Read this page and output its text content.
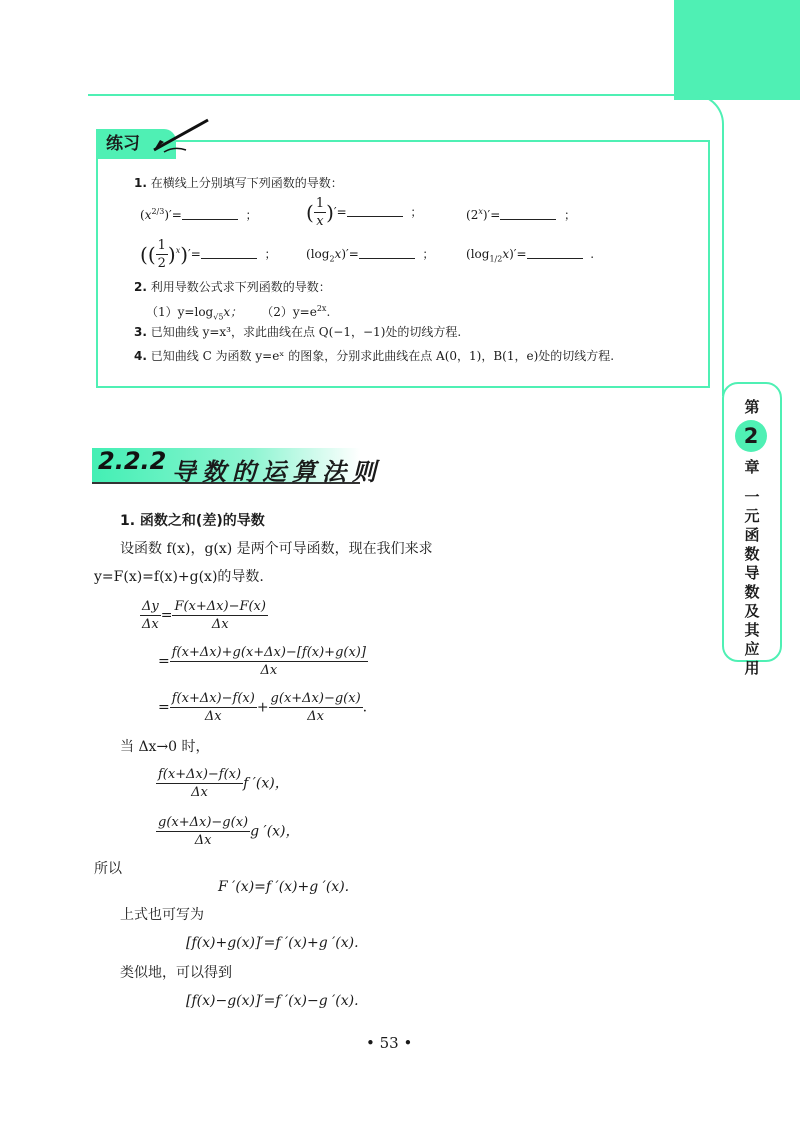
练习
1. 在横线上分别填写下列函数的导数：
$(x^{2/3})'=$	； ( $\frac{1}{x}$ )′=	；	$(2^x)'=$	；
(( $\frac{1}{2} )^x)'=$	； $(\log_2x)'=$	；	$(\log_{1/2}x)'=$	.
2. 利用导数公式求下列函数的导数：
$(1)y=\log_{√5}x$； $(2)y=e^{2x}$.
3. 已知曲线 y=x³，求此曲线在点 Q(−1，−1)处的切线方程.
4. 已知曲线 C 为函数 y=eˣ 的图象，分别求此曲线在点 A(0，1)，B(1，e)处的切线方程.
第
2
章
一
元
函
数
导
数
及
其
应
用
2.2.2 导数的运算法则
1. 函数之和(差)的导数
设函数 f(x)，g(x) 是两个可导函数，现在我们来求
y=F(x)=f(x)+g(x)的导数.
$\frac{\Delta y}{\Delta x} = \frac{F(x+\Delta x)-F(x)}{\Delta x}$
= $\frac{f(x+\Delta x)+g(x+\Delta x)-[f(x)+g(x)]}{\Delta x}$
= $\frac{f(x+\Delta x)-f(x)}{\Delta x} + \frac{g(x+\Delta x)-g(x)}{\Delta x}$ .
当 Δx→0 时，
$\frac{f(x+\Delta x)-f(x)}{\Delta x}$ f ′(x)，
$\frac{g(x+\Delta x)-g(x)}{\Delta x}$ g ′(x)，
所以
F ′(x)=f ′(x)+g ′(x).
上式也可写为
[f(x)+g(x)]′=f ′(x)+g ′(x).
类似地，可以得到
[f(x)−g(x)]′=f ′(x)−g ′(x).
• 53 •
